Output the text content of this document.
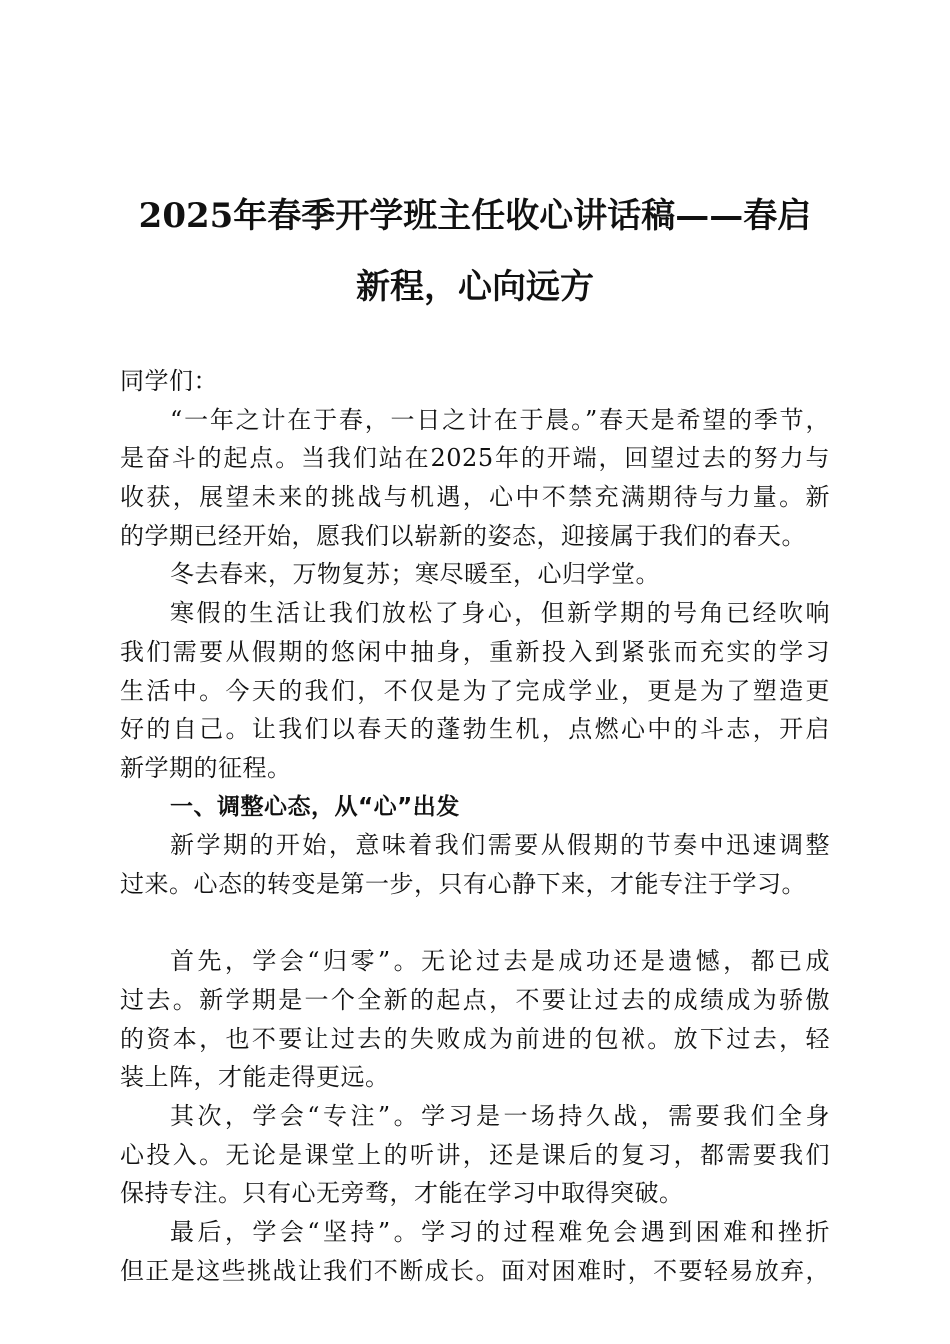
2025年春季开学班主任收心讲话稿——春启
新程，心向远方
同学们：
“一年之计在于春，一日之计在于晨。”春天是希望的季节，
是奋斗的起点。当我们站在2025年的开端，回望过去的努力与
收获，展望未来的挑战与机遇，心中不禁充满期待与力量。新
的学期已经开始，愿我们以崭新的姿态，迎接属于我们的春天。
冬去春来，万物复苏；寒尽暖至，心归学堂。
寒假的生活让我们放松了身心，但新学期的号角已经吹响
我们需要从假期的悠闲中抽身，重新投入到紧张而充实的学习
生活中。今天的我们，不仅是为了完成学业，更是为了塑造更
好的自己。让我们以春天的蓬勃生机，点燃心中的斗志，开启
新学期的征程。
一、调整心态，从“心”出发
新学期的开始，意味着我们需要从假期的节奏中迅速调整
过来。心态的转变是第一步，只有心静下来，才能专注于学习。
首先，学会“归零”。无论过去是成功还是遗憾，都已成
过去。新学期是一个全新的起点，不要让过去的成绩成为骄傲
的资本，也不要让过去的失败成为前进的包袱。放下过去，轻
装上阵，才能走得更远。
其次，学会“专注”。学习是一场持久战，需要我们全身
心投入。无论是课堂上的听讲，还是课后的复习，都需要我们
保持专注。只有心无旁骛，才能在学习中取得突破。
最后，学会“坚持”。学习的过程难免会遇到困难和挫折
但正是这些挑战让我们不断成长。面对困难时，不要轻易放弃，
